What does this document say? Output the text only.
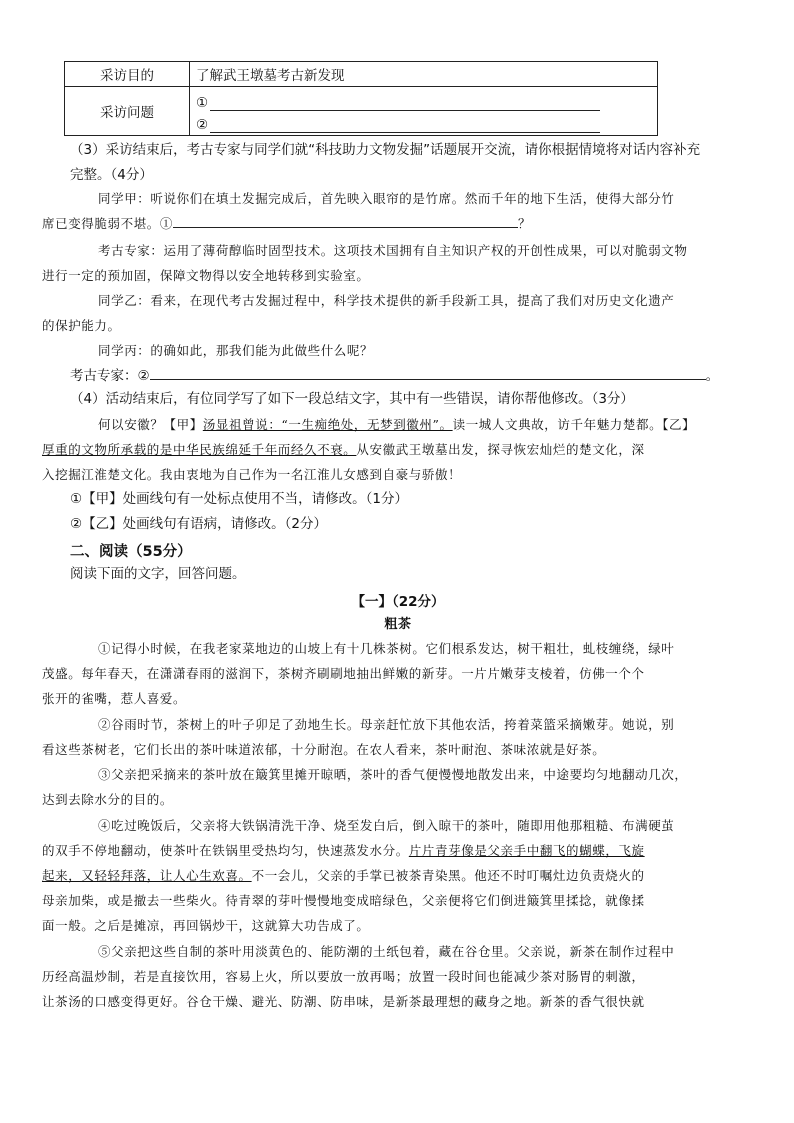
采访目的	了解武王墩墓考古新发现
采访问题	①
②

（3）采访结束后，考古专家与同学们就“科技助力文物发掘”话题展开交流，请你根据情境将对话内容补充
完整。（4分）

同学甲：听说你们在填土发掘完成后，首先映入眼帘的是竹席。然而千年的地下生活，使得大部分竹
席已变得脆弱不堪。①	？

考古专家：运用了薄荷醇临时固型技术。这项技术国拥有自主知识产权的开创性成果，可以对脆弱文物
进行一定的预加固，保障文物得以安全地转移到实验室。

同学乙：看来，在现代考古发掘过程中，科学技术提供的新手段新工具，提高了我们对历史文化遗产
的保护能力。

同学丙：的确如此，那我们能为此做些什么呢？

考古专家：②	。

（4）活动结束后，有位同学写了如下一段总结文字，其中有一些错误，请你帮他修改。（3分）

何以安徽？【甲】汤显祖曾说：“一生痴绝处，无梦到徽州”。读一城人文典故，访千年魅力楚都。【乙】
厚重的文物所承载的是中华民族绵延千年而经久不衰。从安徽武王墩墓出发，探寻恢宏灿烂的楚文化，深
入挖掘江淮楚文化。我由衷地为自己作为一名江淮儿女感到自豪与骄傲！

①【甲】处画线句有一处标点使用不当，请修改。（1分）

②【乙】处画线句有语病，请修改。（2分）

二、阅读（55分）

阅读下面的文字，回答问题。

【一】（22分）
粗茶

①记得小时候，在我老家菜地边的山坡上有十几株茶树。它们根系发达，树干粗壮，虬枝缠绕，绿叶
茂盛。每年春天，在潇潇春雨的滋润下，茶树齐刷刷地抽出鲜嫩的新芽。一片片嫩芽支棱着，仿佛一个个
张开的雀嘴，惹人喜爱。

②谷雨时节，茶树上的叶子卯足了劲地生长。母亲赶忙放下其他农活，挎着菜篮采摘嫩芽。她说，别
看这些茶树老，它们长出的茶叶味道浓郁，十分耐泡。在农人看来，茶叶耐泡、茶味浓就是好茶。

③父亲把采摘来的茶叶放在簸箕里摊开晾晒，茶叶的香气便慢慢地散发出来，中途要均匀地翻动几次，
达到去除水分的目的。

④吃过晚饭后，父亲将大铁锅清洗干净、烧至发白后，倒入晾干的茶叶，随即用他那粗糙、布满硬茧
的双手不停地翻动，使茶叶在铁锅里受热均匀，快速蒸发水分。片片青芽像是父亲手中翻飞的蝴蝶，飞旋
起来，又轻轻拜落，让人心生欢喜。不一会儿，父亲的手掌已被茶青染黑。他还不时叮嘱灶边负责烧火的
母亲加柴，或是撤去一些柴火。待青翠的芽叶慢慢地变成暗绿色，父亲便将它们倒进簸箕里揉捻，就像揉
面一般。之后是摊凉，再回锅炒干，这就算大功告成了。

⑤父亲把这些自制的茶叶用淡黄色的、能防潮的土纸包着，藏在谷仓里。父亲说，新茶在制作过程中
历经高温炒制，若是直接饮用，容易上火，所以要放一放再喝；放置一段时间也能减少茶对肠胃的刺激，
让茶汤的口感变得更好。谷仓干燥、避光、防潮、防串味，是新茶最理想的藏身之地。新茶的香气很快就
